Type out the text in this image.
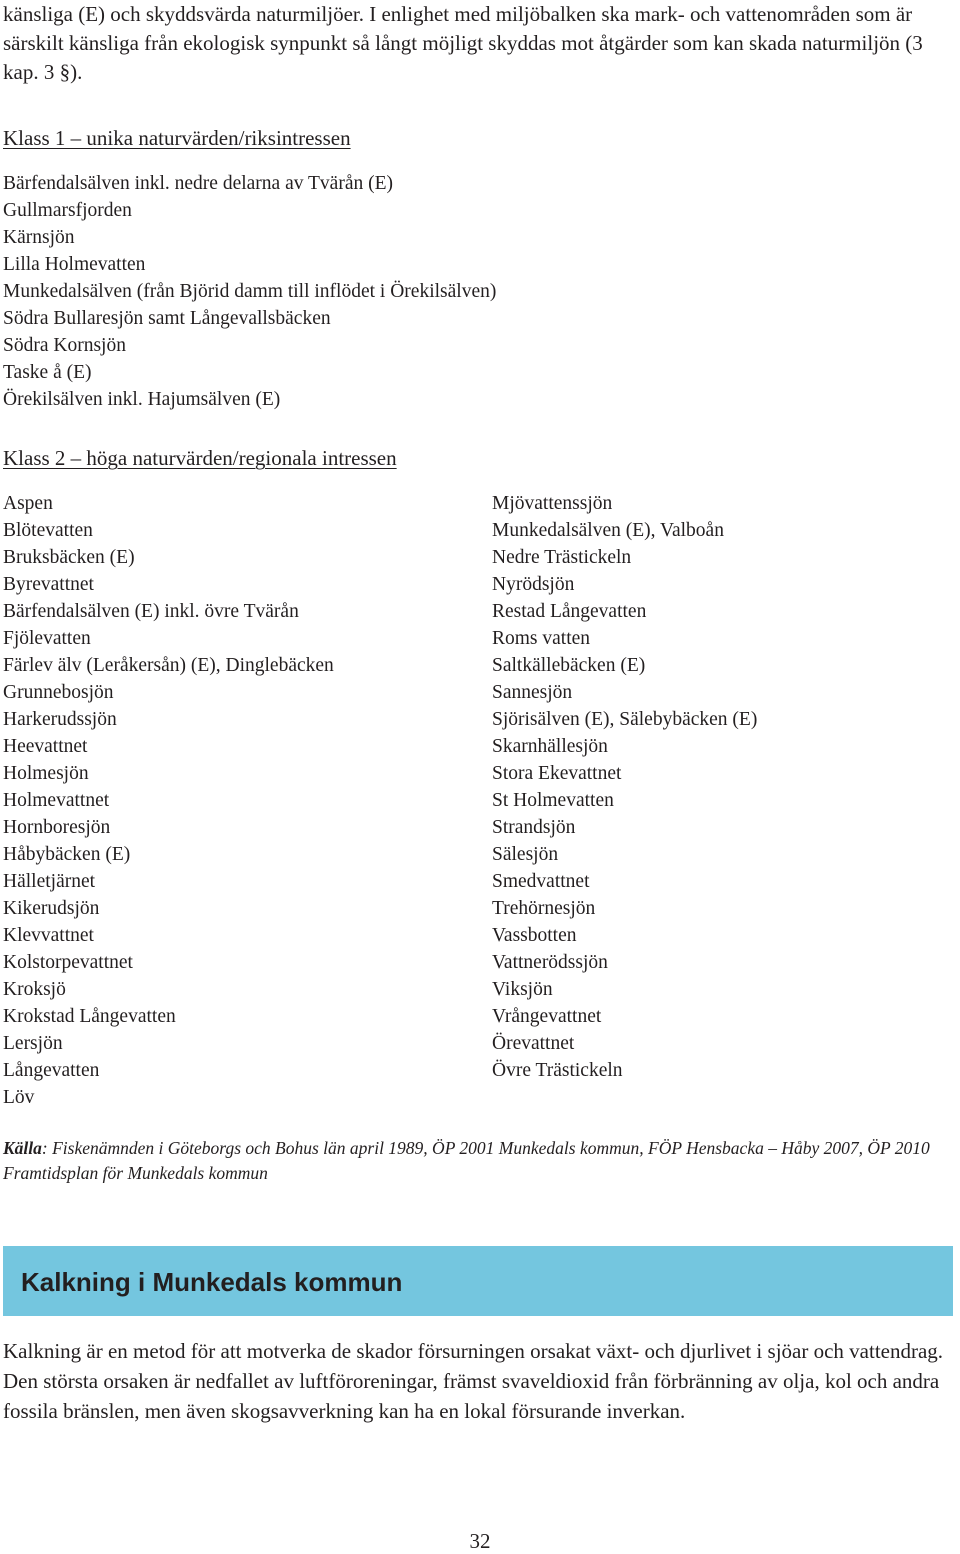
känsliga (E) och skyddsvärda naturmiljöer. I enlighet med miljöbalken ska mark- och vattenområden som är särskilt känsliga från ekologisk synpunkt så långt möjligt skyddas mot åtgärder som kan skada naturmiljön (3 kap. 3 §).

Klass 1 – unika naturvärden/riksintressen
Bärfendalsälven inkl. nedre delarna av Tvärån (E)
Gullmarsfjorden
Kärnsjön
Lilla Holmevatten
Munkedalsälven (från Björid damm till inflödet i Örekilsälven)
Södra Bullaresjön samt Långevallsbäcken
Södra Kornsjön
Taske å (E)
Örekilsälven inkl. Hajumsälven (E)
Klass 2 – höga naturvärden/regionala intressen
Aspen
Blötevatten
Bruksbäcken (E)
Byrevattnet
Bärfendalsälven (E) inkl. övre Tvärån
Fjölevatten
Färlev älv (Leråkersån) (E), Dinglebäcken
Grunnebosjön
Harkerudssjön
Heevattnet
Holmesjön
Holmevattnet
Hornboresjön
Håbybäcken (E)
Hälletjärnet
Kikerudsjön
Klevvattnet
Kolstorpevattnet
Kroksjö
Krokstad Långevatten
Lersjön
Långevatten
Löv
Mjövattenssjön
Munkedalsälven (E), Valboån
Nedre Trästickeln
Nyrödsjön
Restad Långevatten
Roms vatten
Saltkällebäcken (E)
Sannesjön
Sjörisälven (E), Sälebybäcken (E)
Skarnhällesjön
Stora Ekevattnet
St Holmevatten
Strandsjön
Sälesjön
Smedvattnet
Trehörnesjön
Vassbotten
Vattnerödssjön
Viksjön
Vrångevattnet
Örevattnet
Övre Trästickeln

Källa: Fiskenämnden i Göteborgs och Bohus län april 1989, ÖP 2001 Munkedals kommun, FÖP Hensbacka – Håby 2007, ÖP 2010 Framtidsplan för Munkedals kommun

Kalkning i Munkedals kommun

Kalkning är en metod för att motverka de skador försurningen orsakat växt- och djurlivet i sjöar och vattendrag. Den största orsaken är nedfallet av luftföroreningar, främst svaveldioxid från förbränning av olja, kol och andra fossila bränslen, men även skogsavverkning kan ha en lokal försurande inverkan.

32
